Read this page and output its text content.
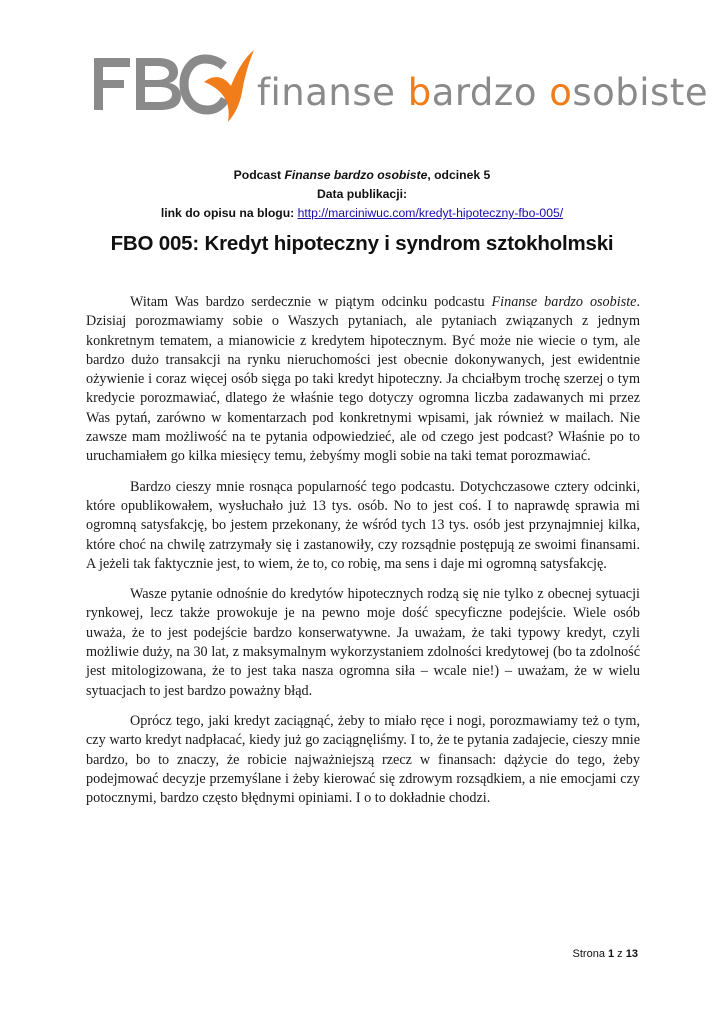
finanse bardzo osobiste
Podcast Finanse bardzo osobiste, odcinek 5
Data publikacji:
link do opisu na blogu: http://marciniwuc.com/kredyt-hipoteczny-fbo-005/
FBO 005: Kredyt hipoteczny i syndrom sztokholmski

Witam Was bardzo serdecznie w piątym odcinku podcastu Finanse bardzo osobiste. Dzisiaj porozmawiamy sobie o Waszych pytaniach, ale pytaniach związanych z jednym konkretnym tematem, a mianowicie z kredytem hipotecznym. Być może nie wiecie o tym, ale bardzo dużo transakcji na rynku nieruchomości jest obecnie dokonywanych, jest ewidentnie ożywienie i coraz więcej osób sięga po taki kredyt hipoteczny. Ja chciałbym trochę szerzej o tym kredycie porozmawiać, dlatego że właśnie tego dotyczy ogromna liczba zadawanych mi przez Was pytań, zarówno w komentarzach pod konkretnymi wpisami, jak również w mailach. Nie zawsze mam możliwość na te pytania odpowiedzieć, ale od czego jest podcast? Właśnie po to uruchamiałem go kilka miesięcy temu, żebyśmy mogli sobie na taki temat porozmawiać.

Bardzo cieszy mnie rosnąca popularność tego podcastu. Dotychczasowe cztery odcinki, które opublikowałem, wysłuchało już 13 tys. osób. No to jest coś. I to naprawdę sprawia mi ogromną satysfakcję, bo jestem przekonany, że wśród tych 13 tys. osób jest przynajmniej kilka, które choć na chwilę zatrzymały się i zastanowiły, czy rozsądnie postępują ze swoimi finansami. A jeżeli tak faktycznie jest, to wiem, że to, co robię, ma sens i daje mi ogromną satysfakcję.

Wasze pytanie odnośnie do kredytów hipotecznych rodzą się nie tylko z obecnej sytuacji rynkowej, lecz także prowokuje je na pewno moje dość specyficzne podejście. Wiele osób uważa, że to jest podejście bardzo konserwatywne. Ja uważam, że taki typowy kredyt, czyli możliwie duży, na 30 lat, z maksymalnym wykorzystaniem zdolności kredytowej (bo ta zdolność jest mitologizowana, że to jest taka nasza ogromna siła – wcale nie!) – uważam, że w wielu sytuacjach to jest bardzo poważny błąd.

Oprócz tego, jaki kredyt zaciągnąć, żeby to miało ręce i nogi, porozmawiamy też o tym, czy warto kredyt nadpłacać, kiedy już go zaciągnęliśmy. I to, że te pytania zadajecie, cieszy mnie bardzo, bo to znaczy, że robicie najważniejszą rzecz w finansach: dążycie do tego, żeby podejmować decyzje przemyślane i żeby kierować się zdrowym rozsądkiem, a nie emocjami czy potocznymi, bardzo często błędnymi opiniami. I o to dokładnie chodzi.

Strona 1 z 13
